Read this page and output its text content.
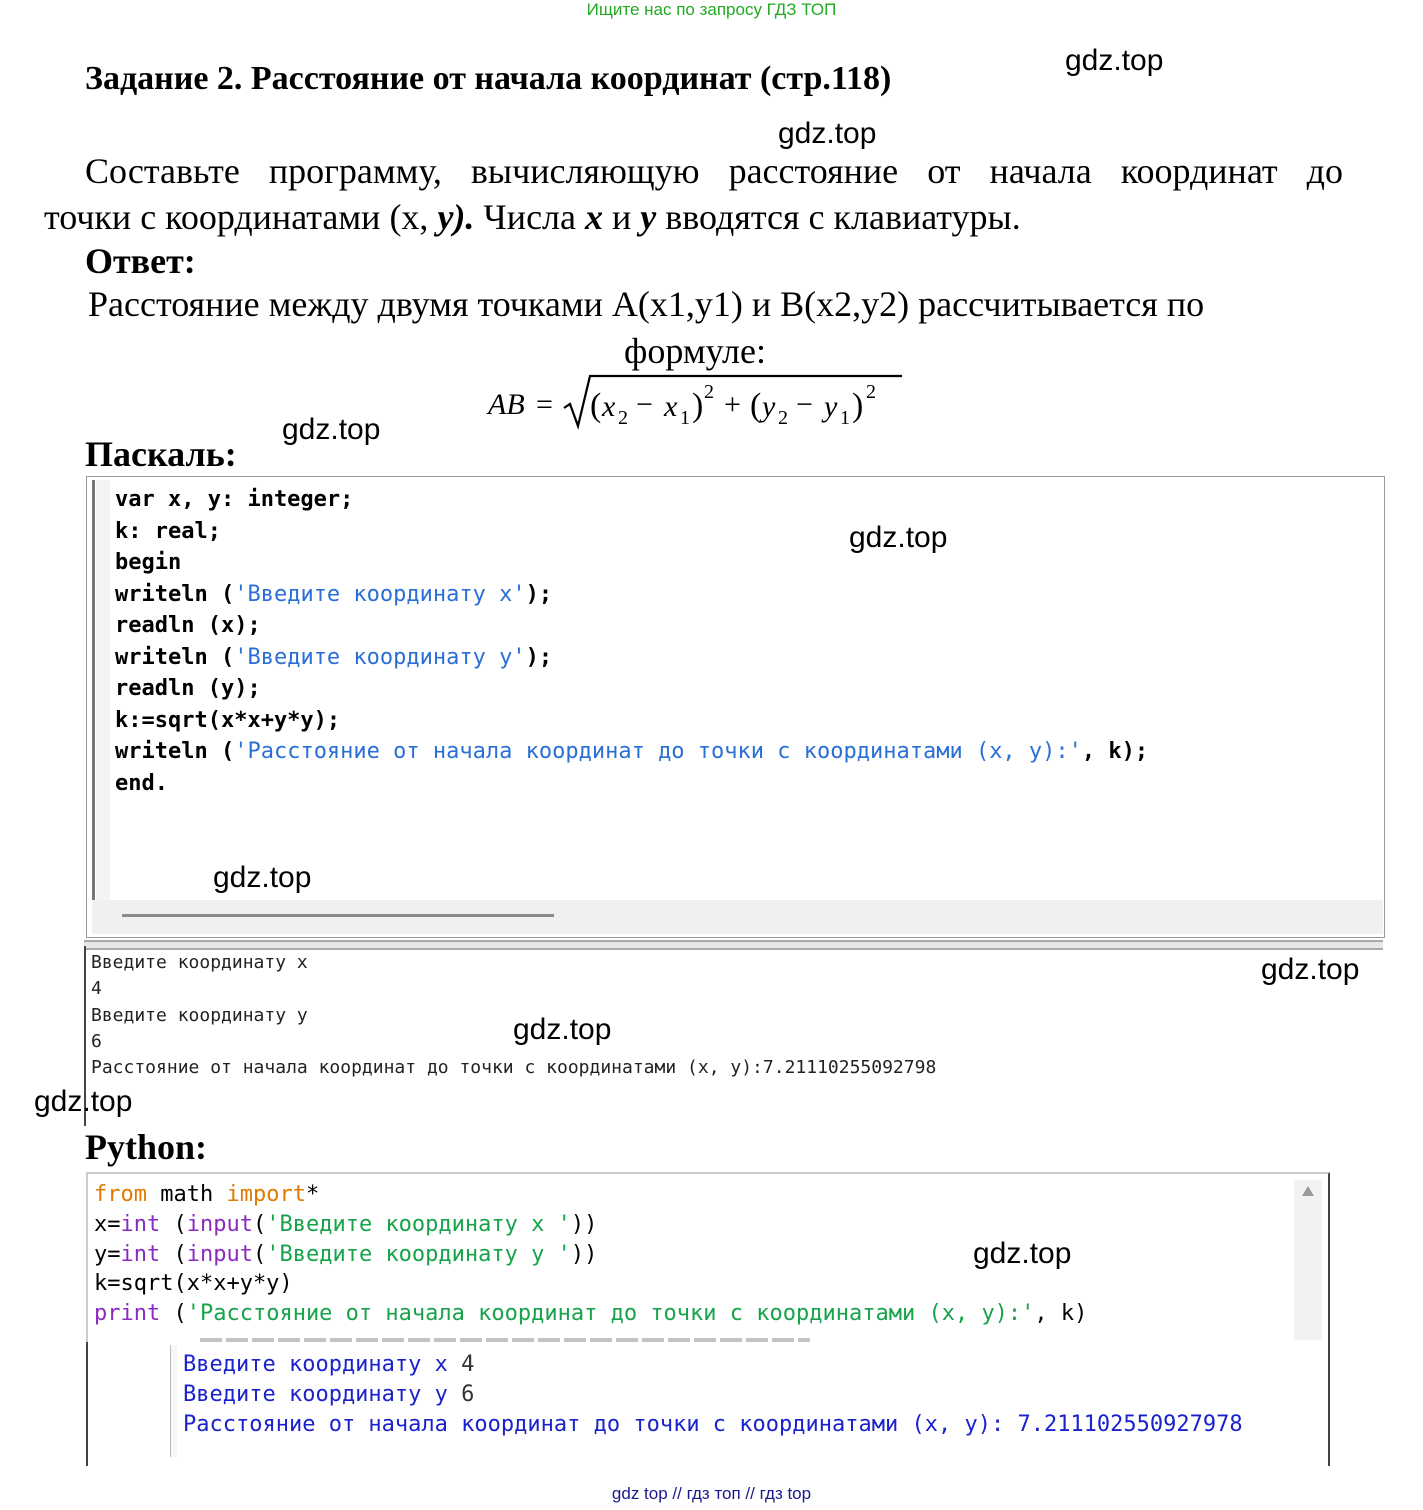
Ищите нас по запросу ГДЗ ТОП
Задание 2. Расстояние от начала координат (стр.118)	gdz.top
gdz.top
Составьте программу, вычисляющую расстояние от начала координат до
точки с координатами (x, y). Числа x и y вводятся с клавиатуры.
Ответ:
Расстояние между двумя точками A(x1,y1) и B(x2,y2) рассчитывается по
формуле:
AB = ( x 2 − x 1 ) 2 + ( y 2 − y 1 ) 2
Паскаль:
gdz.top
var x, y: integer;
k: real;
begin
writeln ('Введите координату x');
readln (x);
writeln ('Введите координату y');
readln (y);
k:=sqrt(x*x+y*y);
writeln ('Расстояние от начала координат до точки с координатами (x, y):', k);
end.
gdz.top
gdz.top
Введите координату x
4
Введите координату y
6
Расстояние от начала координат до точки с координатами (x, y):7.21110255092798
gdz.top
gdz.top
gdz.top
Python:
from math import*
x=int (input('Введите координату x '))
y=int (input('Введите координату y '))
k=sqrt(x*x+y*y)
print ('Расстояние от начала координат до точки с координатами (x, y):', k)
gdz.top
Введите координату x 4
Введите координату y 6
Расстояние от начала координат до точки с координатами (x, y): 7.211102550927978
gdz top // гдз топ // гдз top
